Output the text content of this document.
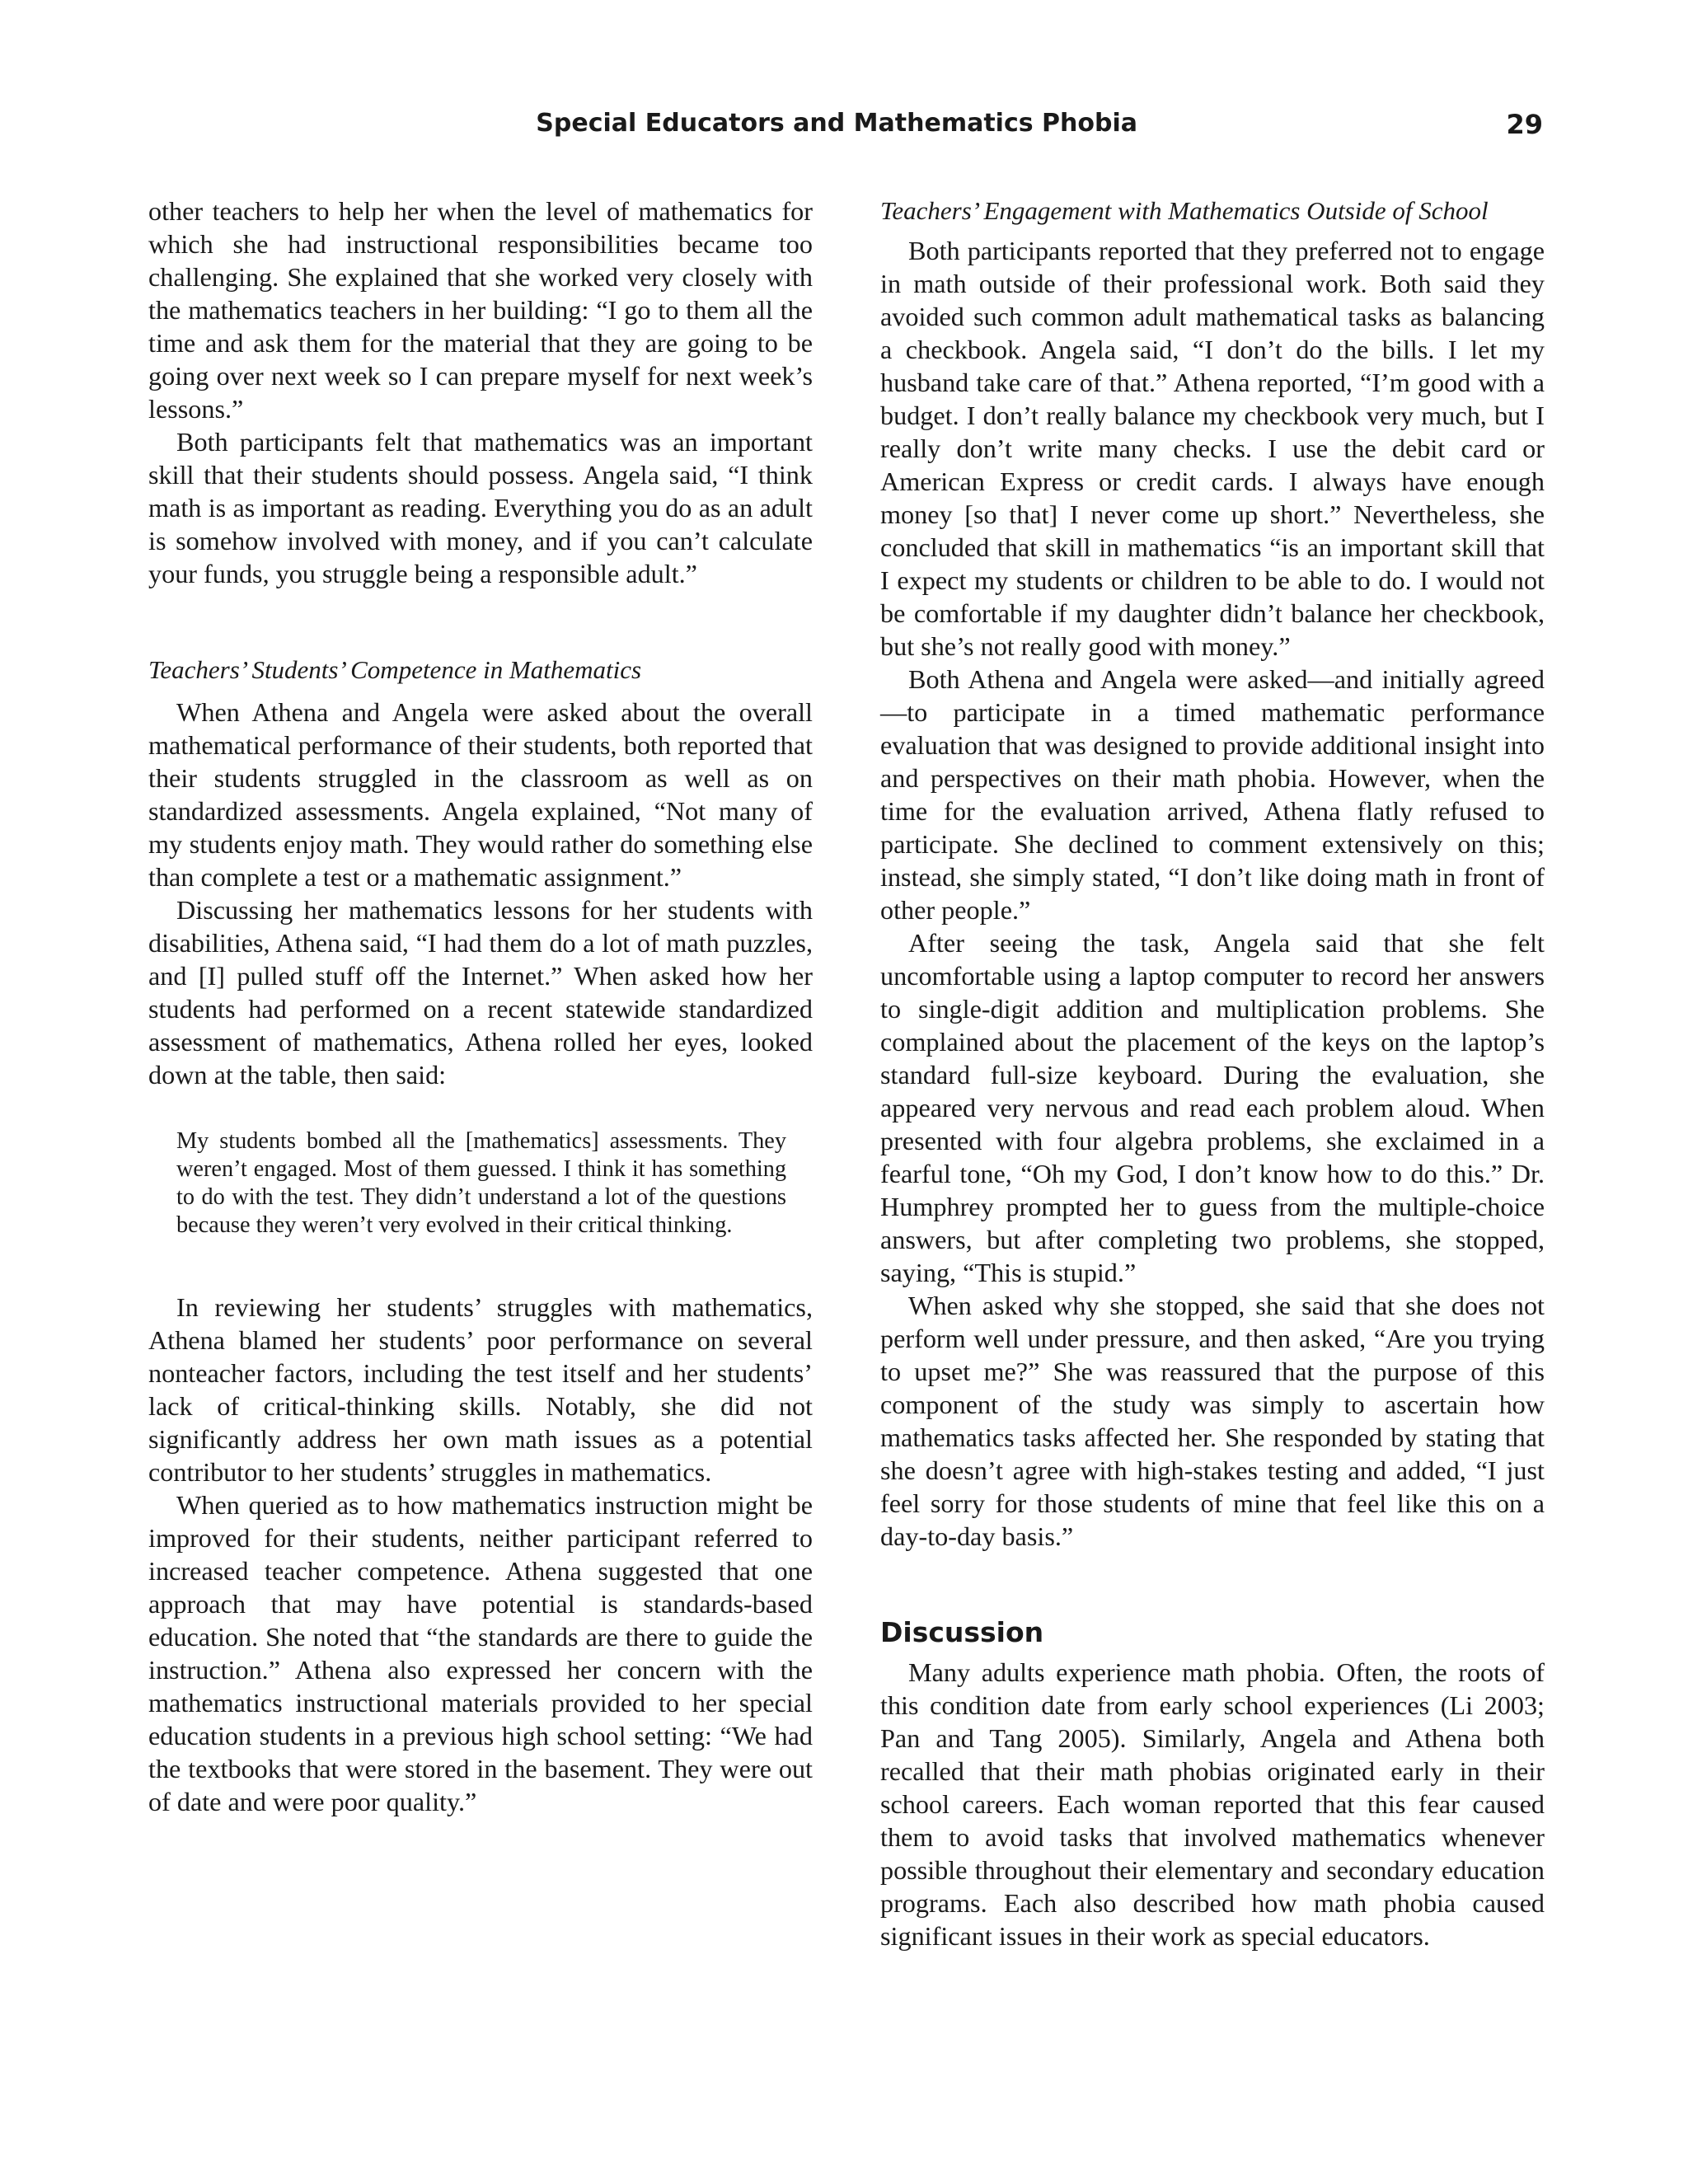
Special Educators and Mathematics Phobia	29

other teachers to help her when the level of mathematics for which she had instructional responsibilities became too challenging. She explained that she worked very closely with the mathematics teachers in her building: “I go to them all the time and ask them for the material that they are going to be going over next week so I can prepare myself for next week’s lessons.”

Both participants felt that mathematics was an important skill that their students should possess. Angela said, “I think math is as important as reading. Everything you do as an adult is somehow involved with money, and if you can’t calculate your funds, you struggle being a responsible adult.”

Teachers’ Students’ Competence in Mathematics

When Athena and Angela were asked about the overall mathematical performance of their students, both reported that their students struggled in the classroom as well as on standardized assessments. Angela explained, “Not many of my students enjoy math. They would rather do something else than complete a test or a mathematic assignment.”

Discussing her mathematics lessons for her students with disabilities, Athena said, “I had them do a lot of math puzzles, and [I] pulled stuff off the Internet.” When asked how her students had performed on a recent statewide standardized assessment of mathematics, Athena rolled her eyes, looked down at the table, then said:

My students bombed all the [mathematics] assessments. They weren’t engaged. Most of them guessed. I think it has something to do with the test. They didn’t understand a lot of the questions because they weren’t very evolved in their critical thinking.

In reviewing her students’ struggles with mathematics, Athena blamed her students’ poor performance on several nonteacher factors, including the test itself and her students’ lack of critical-thinking skills. Notably, she did not significantly address her own math issues as a potential contributor to her students’ struggles in mathematics.

When queried as to how mathematics instruction might be improved for their students, neither participant referred to increased teacher competence. Athena suggested that one approach that may have potential is standards-based education. She noted that “the standards are there to guide the instruction.” Athena also expressed her concern with the mathematics instructional materials provided to her special education students in a previous high school setting: “We had the textbooks that were stored in the basement. They were out of date and were poor quality.”

Teachers’ Engagement with Mathematics Outside of School

Both participants reported that they preferred not to engage in math outside of their professional work. Both said they avoided such common adult mathematical tasks as balancing a checkbook. Angela said, “I don’t do the bills. I let my husband take care of that.” Athena reported, “I’m good with a budget. I don’t really balance my checkbook very much, but I really don’t write many checks. I use the debit card or American Express or credit cards. I always have enough money [so that] I never come up short.” Nevertheless, she concluded that skill in mathematics “is an important skill that I expect my students or children to be able to do. I would not be comfortable if my daughter didn’t balance her checkbook, but she’s not really good with money.”

Both Athena and Angela were asked—and initially agreed—to participate in a timed mathematic performance evaluation that was designed to provide additional insight into and perspectives on their math phobia. However, when the time for the evaluation arrived, Athena flatly refused to participate. She declined to comment extensively on this; instead, she simply stated, “I don’t like doing math in front of other people.”

After seeing the task, Angela said that she felt uncomfortable using a laptop computer to record her answers to single-digit addition and multiplication problems. She complained about the placement of the keys on the laptop’s standard full-size keyboard. During the evaluation, she appeared very nervous and read each problem aloud. When presented with four algebra problems, she exclaimed in a fearful tone, “Oh my God, I don’t know how to do this.” Dr. Humphrey prompted her to guess from the multiple-choice answers, but after completing two problems, she stopped, saying, “This is stupid.”

When asked why she stopped, she said that she does not perform well under pressure, and then asked, “Are you trying to upset me?” She was reassured that the purpose of this component of the study was simply to ascertain how mathematics tasks affected her. She responded by stating that she doesn’t agree with high-stakes testing and added, “I just feel sorry for those students of mine that feel like this on a day-to-day basis.”

Discussion

Many adults experience math phobia. Often, the roots of this condition date from early school experiences (Li 2003; Pan and Tang 2005). Similarly, Angela and Athena both recalled that their math phobias originated early in their school careers. Each woman reported that this fear caused them to avoid tasks that involved mathematics whenever possible throughout their elementary and secondary education programs. Each also described how math phobia caused significant issues in their work as special educators.
